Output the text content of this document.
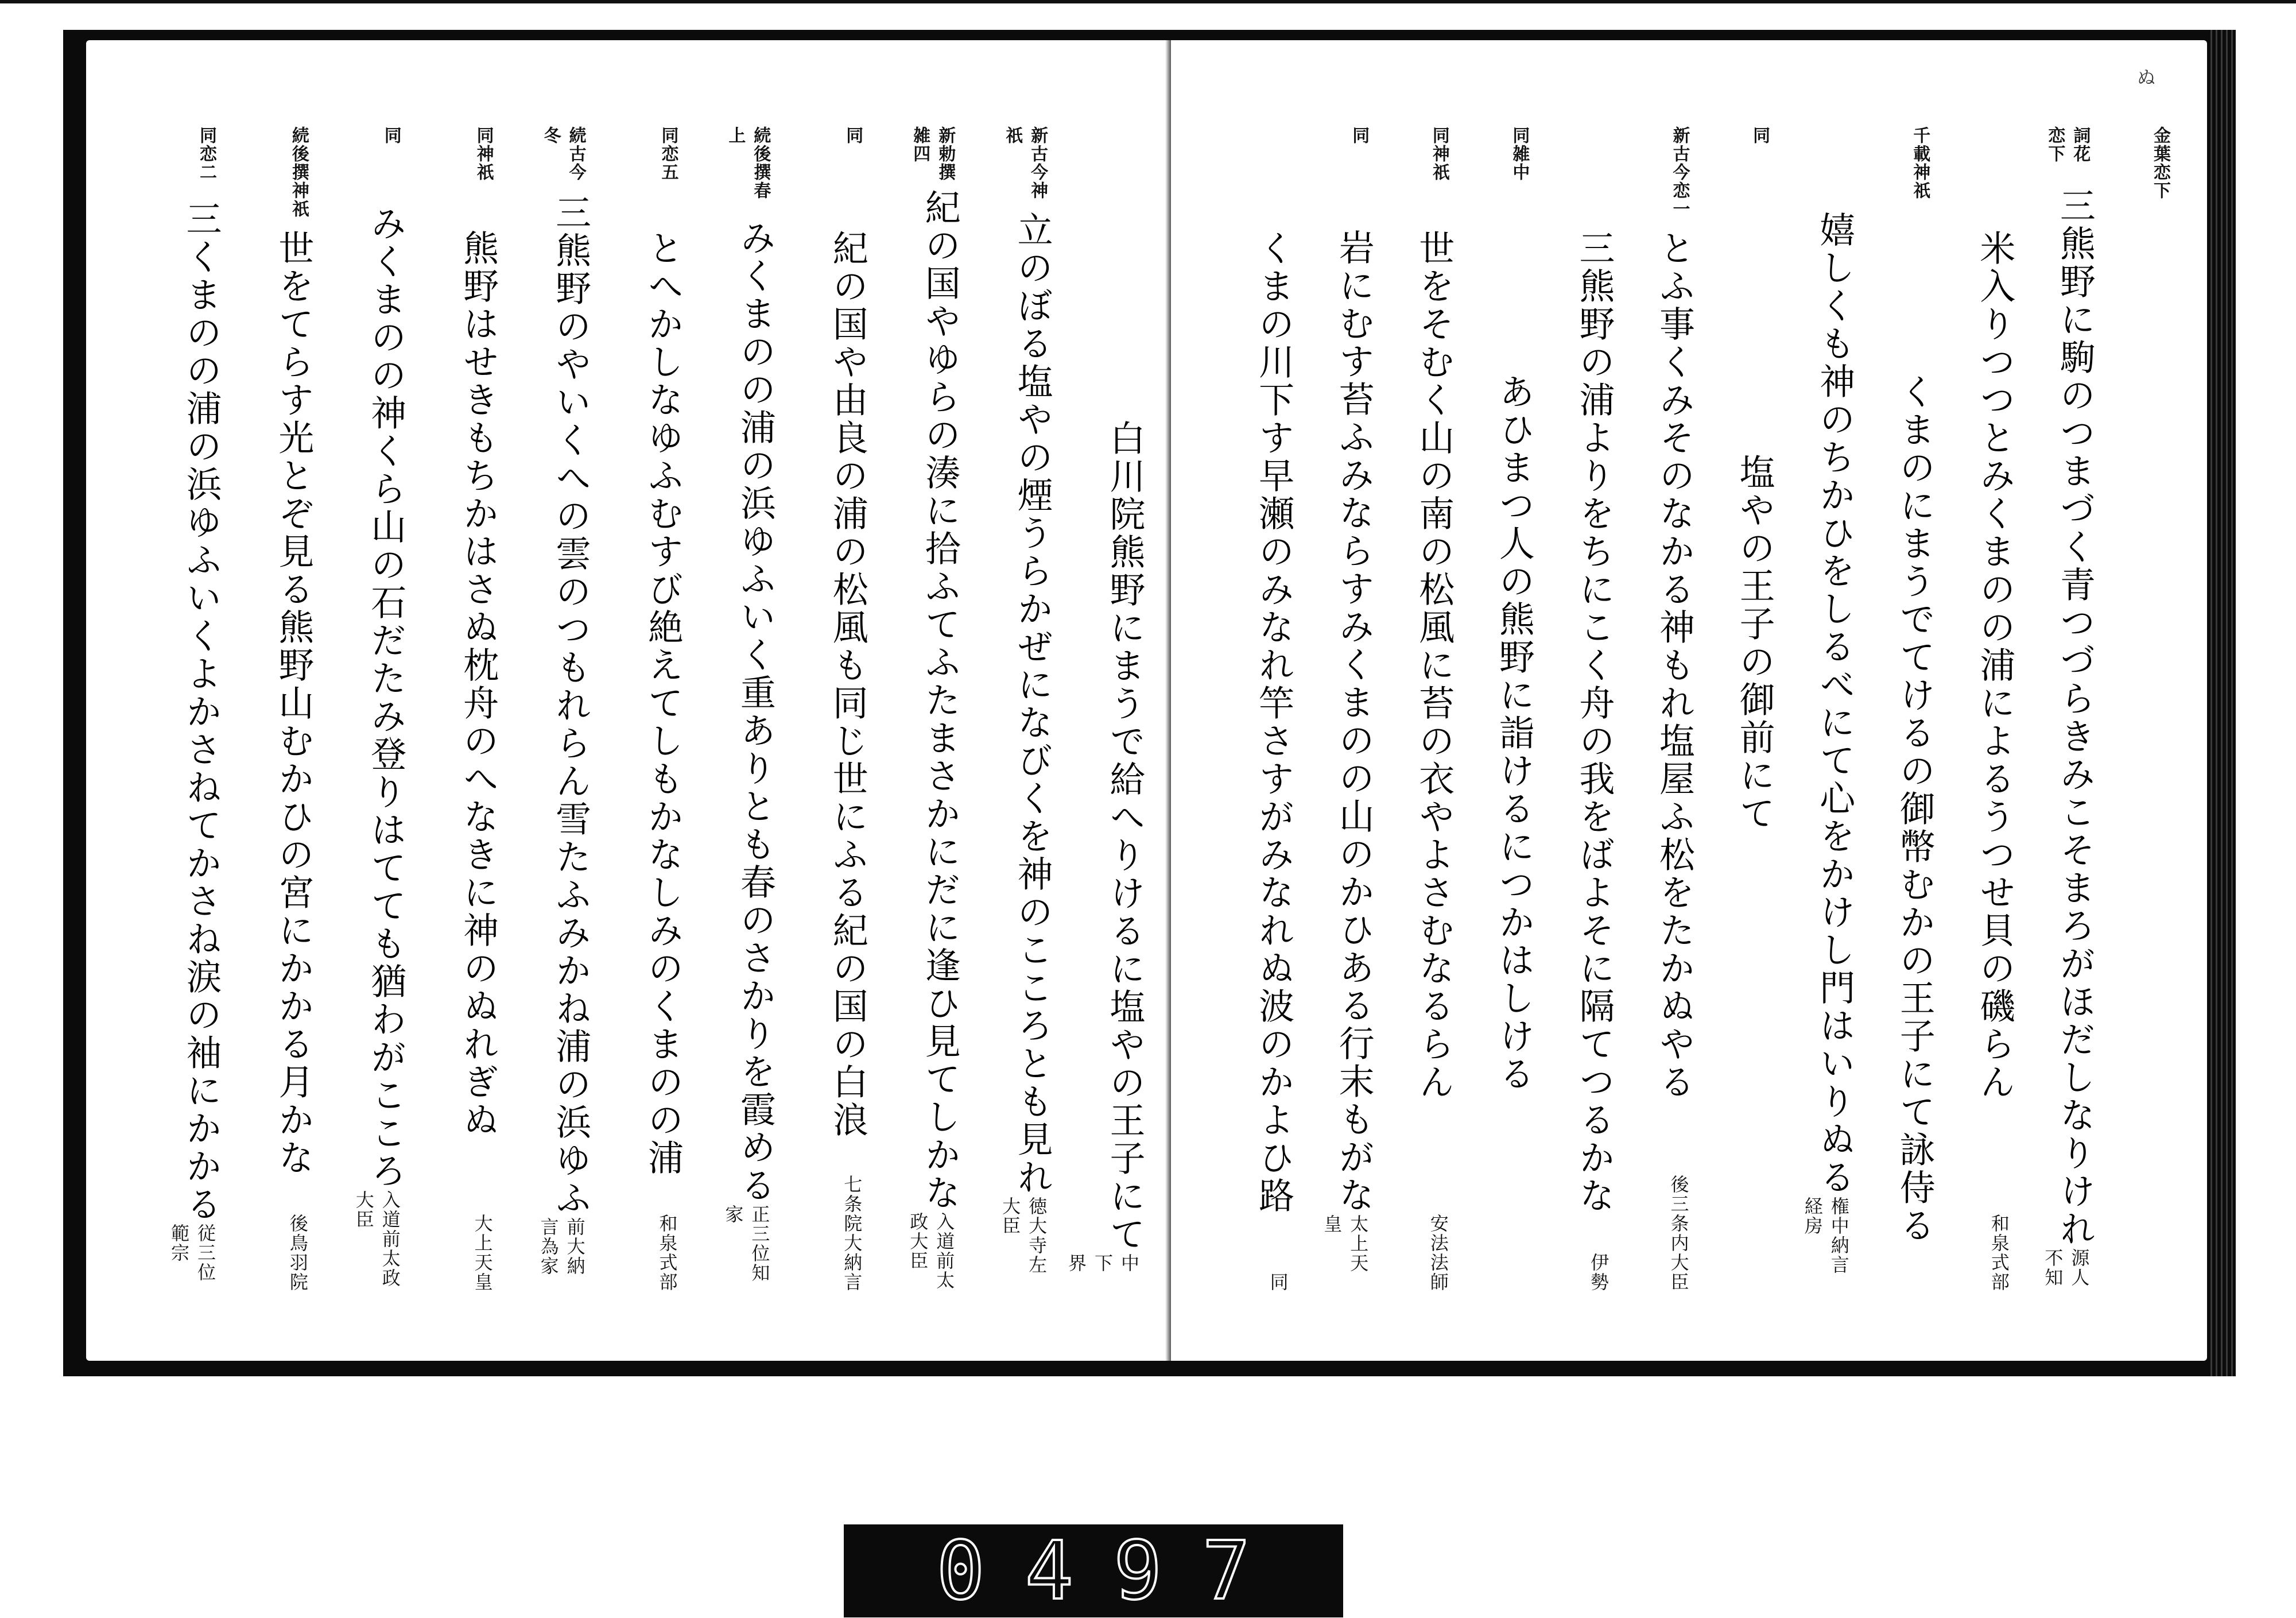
白川院熊野にまうで給へりけるに塩やの王子にて
中下界
新古今神祇
立のぼる塩やの煙うらかぜになびくを神のこころとも見れ
徳大寺左大臣
新勅撰雑四
紀の国やゆらの湊に拾ふてふたまさかにだに逢ひ見てしかな
入道前太政大臣
同
紀の国や由良の浦の松風も同じ世にふる紀の国の白浪
七条院大納言
続後撰春上
みくまのの浦の浜ゆふいく重ありとも春のさかりを霞める
正三位知家
同恋五
とへかしなゆふむすび絶えてしもかなしみのくまのの浦
和泉式部
続古今冬
三熊野のやいくへの雲のつもれらん雪たふみかね浦の浜ゆふ
前大納言為家
同神祇
熊野はせきもちかはさぬ枕舟のへなきに神のぬれぎぬ
大上天皇
同
みくまのの神くら山の石だたみ登りはてても猶わがこころ
入道前太政大臣
続後撰神祇
世をてらす光とぞ見る熊野山むかひの宮にかかる月かな
後鳥羽院
同恋二
三くまのの浦の浜ゆふいくよかさねてかさね涙の袖にかかる
従三位範宗
ぬ
金葉恋下
詞花恋下
三熊野に駒のつまづく青つづらきみこそまろがほだしなりけれ
源人不知
米入りつつとみくまのの浦によるうつせ貝の磯らん
和泉式部
千載神祇
くまのにまうでてけるの御幣むかの王子にて詠侍る
嬉しくも神のちかひをしるべにて心をかけし門はいりぬる
権中納言経房
同
塩やの王子の御前にて
新古今恋一
とふ事くみそのなかる神もれ塩屋ふ松をたかぬやる
後三条内大臣
三熊野の浦よりをちにこく舟の我をばよそに隔てつるかな
伊勢
同雑中
あひまつ人の熊野に詣けるにつかはしける
同神祇
世をそむく山の南の松風に苔の衣やよさむなるらん
安法法師
同
岩にむす苔ふみならすみくまのの山のかひある行末もがな
太上天皇
くまの川下す早瀬のみなれ竿さすがみなれぬ波のかよひ路
同
0497
